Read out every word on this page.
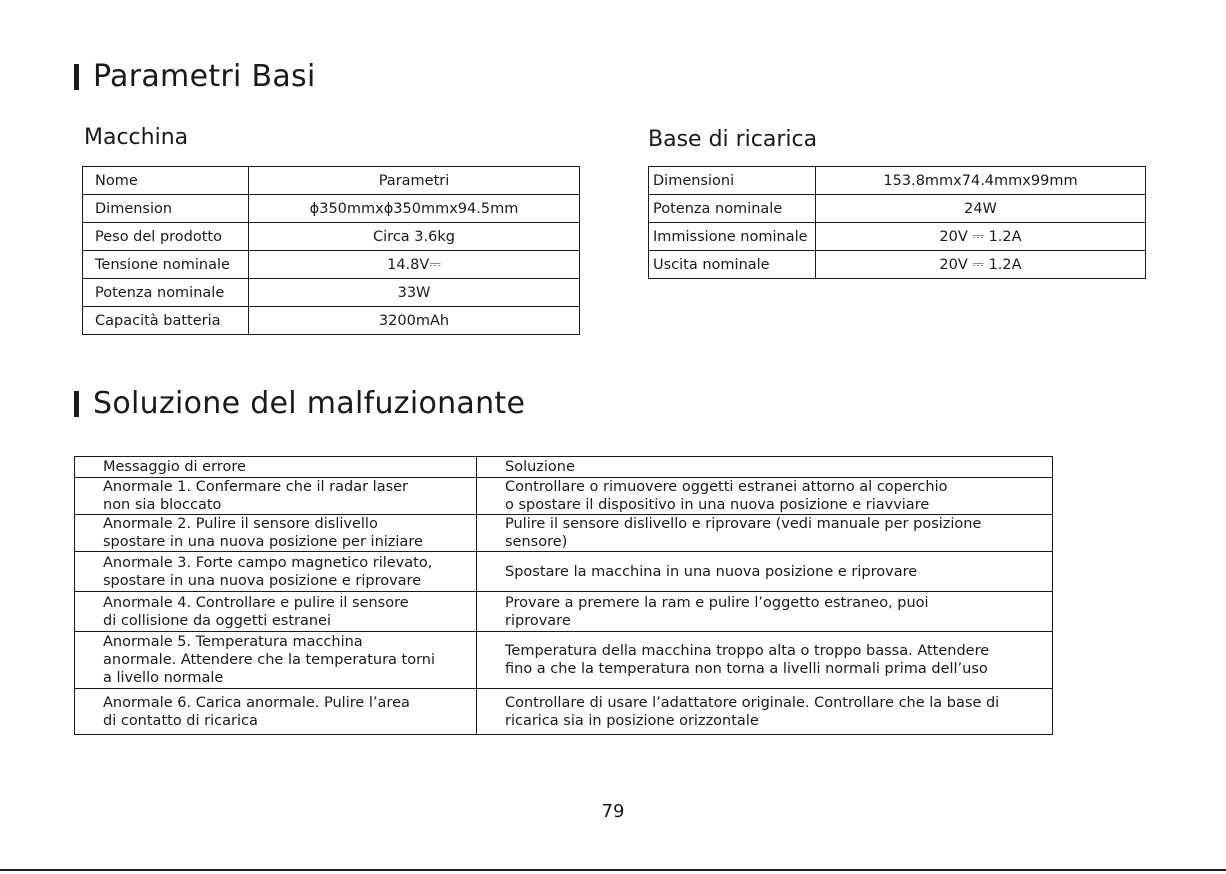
Parametri Basi
Macchina
Nome	Parametri
Dimension	ɸ350mmxɸ350mmx94.5mm
Peso del prodotto	Circa 3.6kg
Tensione nominale	14.8V⎓
Potenza nominale	33W
Capacità batteria	3200mAh
Base di ricarica
Dimensioni	153.8mmx74.4mmx99mm
Potenza nominale	24W
Immissione nominale	20V ⎓ 1.2A
Uscita nominale	20V ⎓ 1.2A
Soluzione del malfuzionante
Messaggio di errore	Soluzione

Anormale 1. Confermare che il radar laser
non sia bloccato	Controllare o rimuovere oggetti estranei attorno al coperchio
o spostare il dispositivo in una nuova posizione e riavviare

Anormale 2. Pulire il sensore dislivello
spostare in una nuova posizione per iniziare	Pulire il sensore dislivello e riprovare (vedi manuale per posizione
sensore)

Anormale 3. Forte campo magnetico rilevato,
spostare in una nuova posizione e riprovare	Spostare la macchina in una nuova posizione e riprovare

Anormale 4. Controllare e pulire il sensore
di collisione da oggetti estranei	Provare a premere la ram e pulire l’oggetto estraneo, puoi
riprovare

Anormale 5. Temperatura macchina
anormale. Attendere che la temperatura torni
a livello normale	Temperatura della macchina troppo alta o troppo bassa. Attendere
fino a che la temperatura non torna a livelli normali prima dell’uso

Anormale 6. Carica anormale. Pulire l’area
di contatto di ricarica	Controllare di usare l’adattatore originale. Controllare che la base di
ricarica sia in posizione orizzontale
79
